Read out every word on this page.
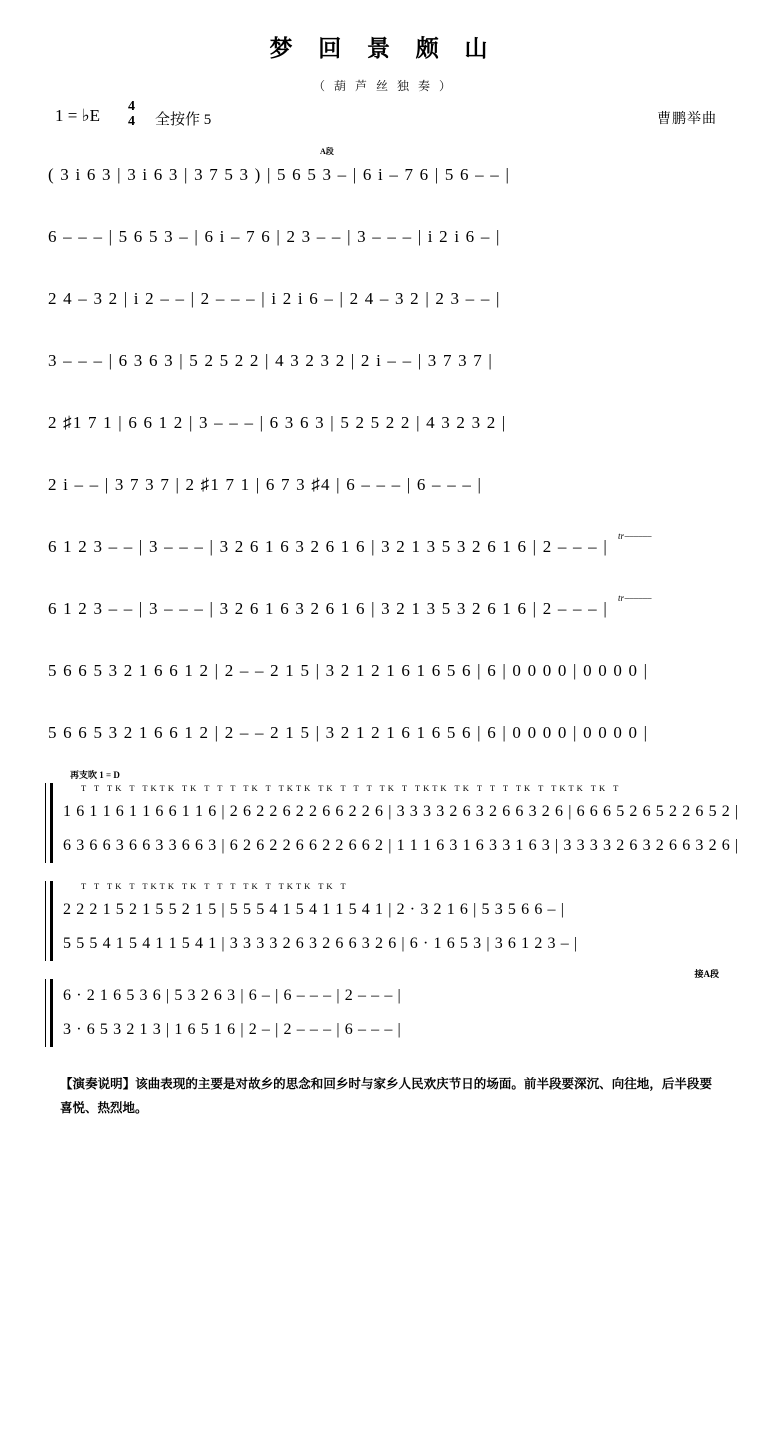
梦 回 景 颇 山
（ 葫 芦 丝 独 奏 ）
1 = ♭E 4
4 全按作 5	曹鹏举曲
A段
( 3 i 6 3 | 3 i 6 3 | 3 7 5 3 ) | 5 6 5 3 – | 6 i – 7 6 | 5 6 – – |
6 – – – | 5 6 5 3 – | 6 i – 7 6 | 2 3 – – | 3 – – – | i 2 i 6 – |
2 4 – 3 2 | i 2 – – | 2 – – – | i 2 i 6 – | 2 4 – 3 2 | 2 3 – – |
3 – – – | 6 3 6 3 | 5 2 5 2 2 | 4 3 2 3 2 | 2 i – – | 3 7 3 7 |
2 ♯1 7 1 | 6 6 1 2 | 3 – – – | 6 3 6 3 | 5 2 5 2 2 | 4 3 2 3 2 |
2 i – – | 3 7 3 7 | 2 ♯1 7 1 | 6 7 3 ♯4 | 6 – – – | 6 – – – |
tr⎯⎯⎯⎯⎯⎯
6 1 2 3 – – | 3 – – – | 3 2 6 1 6 3 2 6 1 6 | 3 2 1 3 5 3 2 6 1 6 | 2 – – – |
tr⎯⎯⎯⎯⎯⎯
6 1 2 3 – – | 3 – – – | 3 2 6 1 6 3 2 6 1 6 | 3 2 1 3 5 3 2 6 1 6 | 2 – – – |
5 6 6 5 3 2 1 6 6 1 2 | 2 – – 2 1 5 | 3 2 1 2 1 6 1 6 5 6 | 6 | 0 0 0 0 | 0 0 0 0 |
5 6 6 5 3 2 1 6 6 1 2 | 2 – – 2 1 5 | 3 2 1 2 1 6 1 6 5 6 | 6 | 0 0 0 0 | 0 0 0 0 |
再支吹 1 = D
T T TK T TKTK TK T T T TK T TKTK TK T T T TK T TKTK TK T T T TK T TKTK TK T
1 6 1 1 6 1 1 6 6 1 1 6 | 2 6 2 2 6 2 2 6 6 2 2 6 | 3 3 3 3 2 6 3 2 6 6 3 2 6 | 6 6 6 5 2 6 5 2 2 6 5 2 |
6 3 6 6 3 6 6 3 3 6 6 3 | 6 2 6 2 2 6 6 2 2 6 6 2 | 1 1 1 6 3 1 6 3 3 1 6 3 | 3 3 3 3 2 6 3 2 6 6 3 2 6 |
T T TK T TKTK TK T T T TK T TKTK TK T
2 2 2 1 5 2 1 5 5 2 1 5 | 5 5 5 4 1 5 4 1 1 5 4 1 | 2 · 3 2 1 6 | 5 3 5 6 6 – |
5 5 5 4 1 5 4 1 1 5 4 1 | 3 3 3 3 2 6 3 2 6 6 3 2 6 | 6 · 1 6 5 3 | 3 6 1 2 3 – |
接A段
6 · 2 1 6 5 3 6 | 5 3 2 6 3 | 6 – | 6 – – – | 2 – – – |
3 · 6 5 3 2 1 3 | 1 6 5 1 6 | 2 – | 2 – – – | 6 – – – |
【演奏说明】该曲表现的主要是对故乡的思念和回乡时与家乡人民欢庆节日的场面。前半段要深沉、向往地，后半段要喜悦、热烈地。
